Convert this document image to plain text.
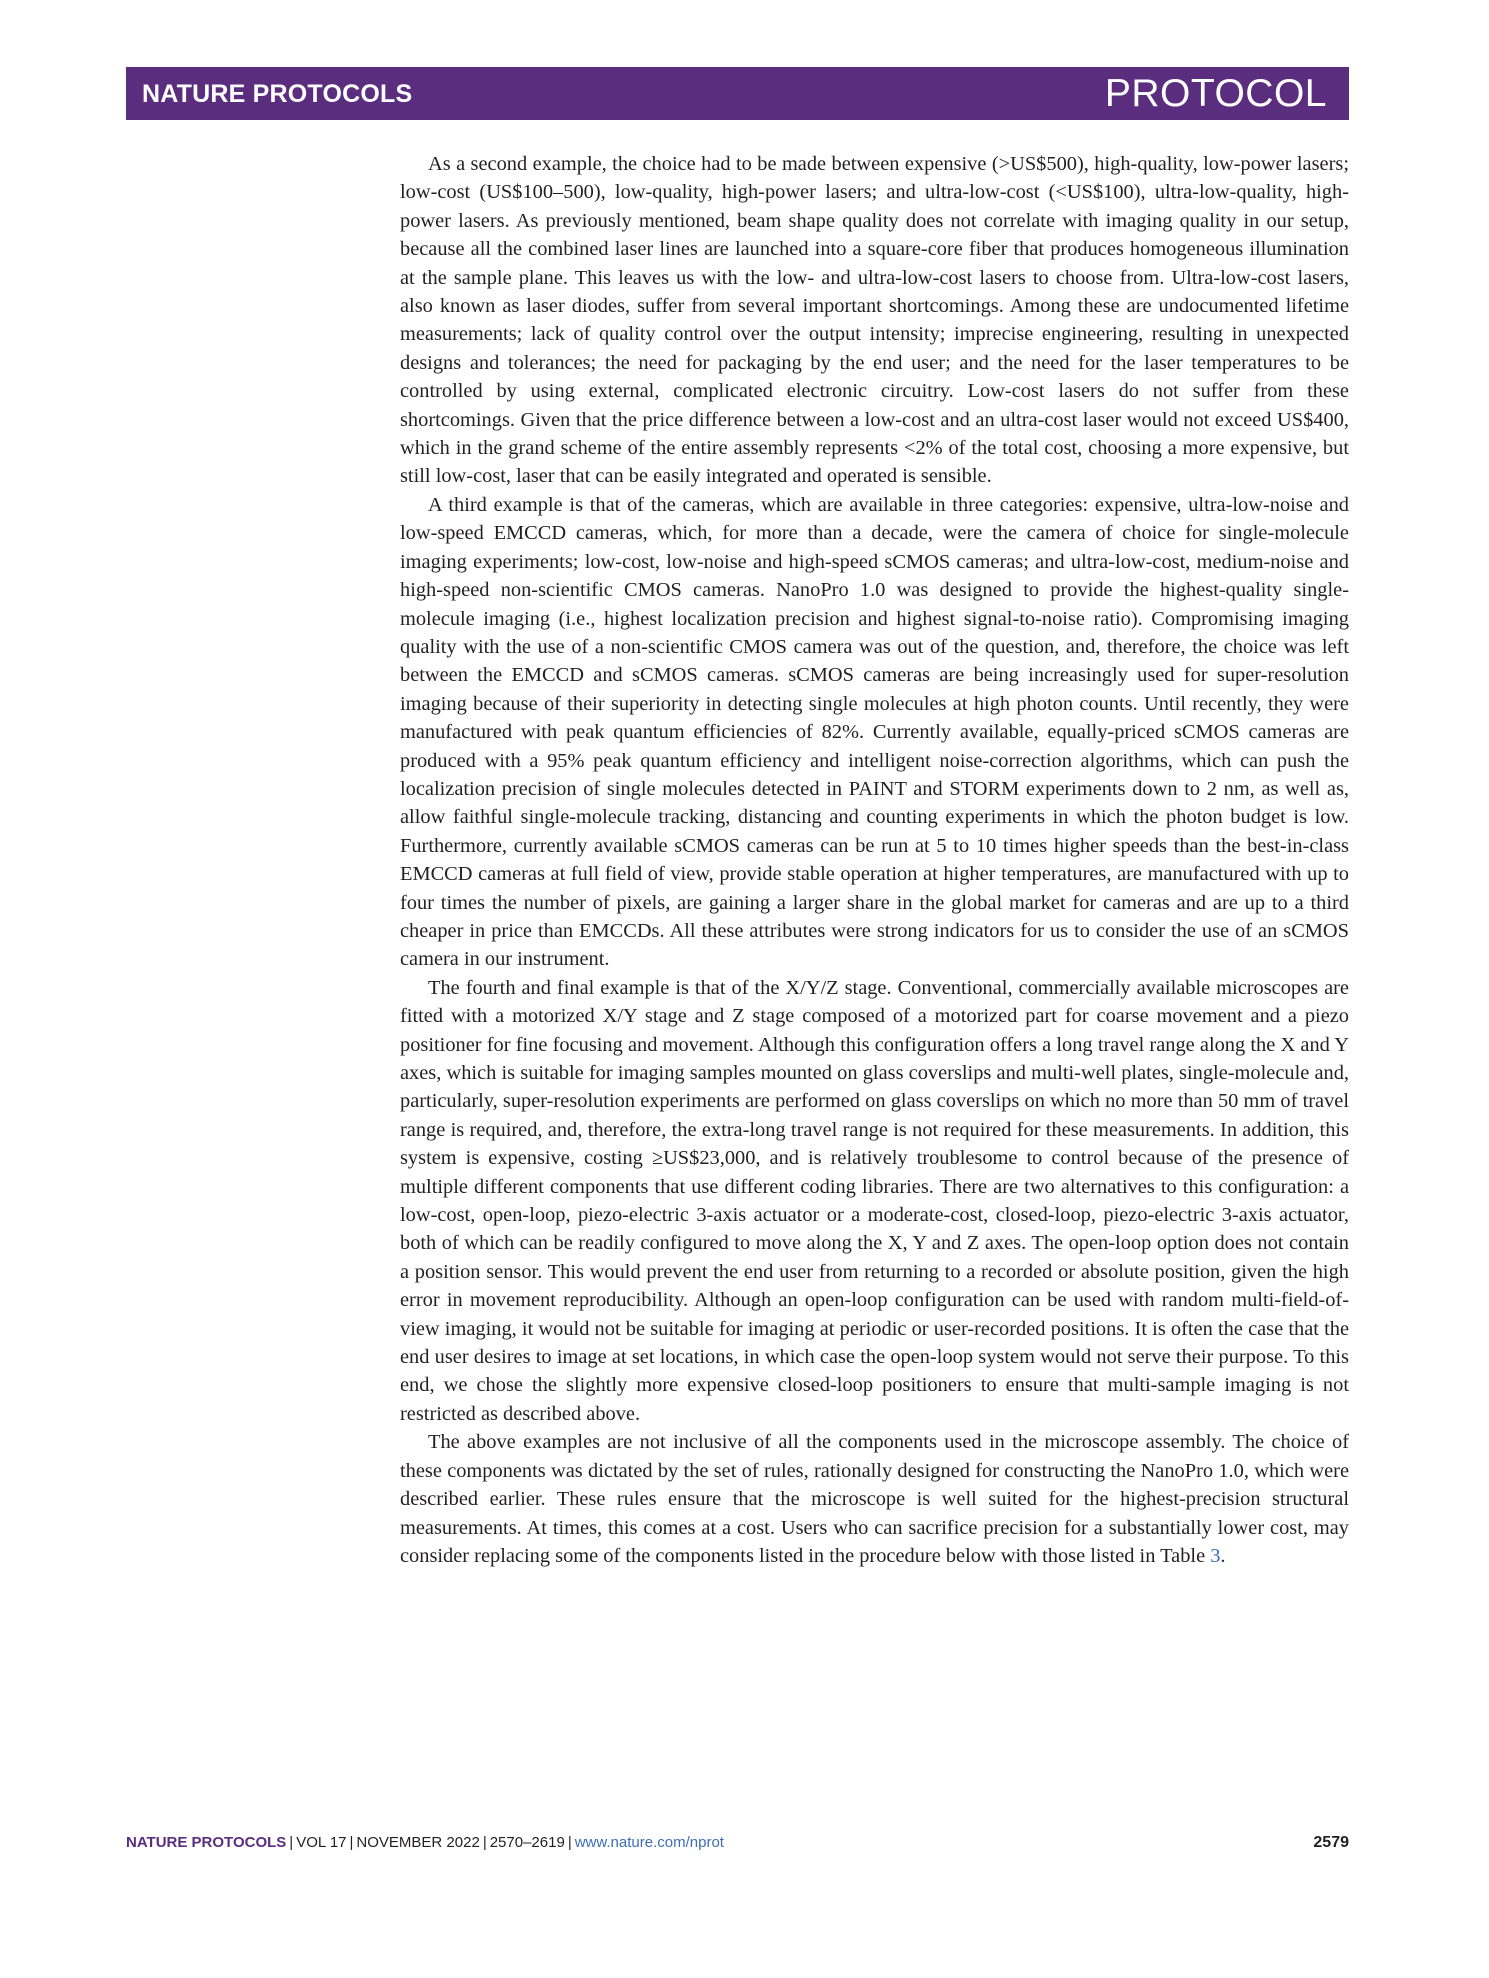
NATURE PROTOCOLS	PROTOCOL

As a second example, the choice had to be made between expensive (>US$500), high-quality, low-power lasers; low-cost (US$100–500), low-quality, high-power lasers; and ultra-low-cost (<US$100), ultra-low-quality, high-power lasers. As previously mentioned, beam shape quality does not correlate with imaging quality in our setup, because all the combined laser lines are launched into a square-core fiber that produces homogeneous illumination at the sample plane. This leaves us with the low- and ultra-low-cost lasers to choose from. Ultra-low-cost lasers, also known as laser diodes, suffer from several important shortcomings. Among these are undocumented lifetime measurements; lack of quality control over the output intensity; imprecise engineering, resulting in unexpected designs and tolerances; the need for packaging by the end user; and the need for the laser temperatures to be controlled by using external, complicated electronic circuitry. Low-cost lasers do not suffer from these shortcomings. Given that the price difference between a low-cost and an ultra-cost laser would not exceed US$400, which in the grand scheme of the entire assembly represents <2% of the total cost, choosing a more expensive, but still low-cost, laser that can be easily integrated and operated is sensible.

A third example is that of the cameras, which are available in three categories: expensive, ultra-low-noise and low-speed EMCCD cameras, which, for more than a decade, were the camera of choice for single-molecule imaging experiments; low-cost, low-noise and high-speed sCMOS cameras; and ultra-low-cost, medium-noise and high-speed non-scientific CMOS cameras. NanoPro 1.0 was designed to provide the highest-quality single-molecule imaging (i.e., highest localization precision and highest signal-to-noise ratio). Compromising imaging quality with the use of a non-scientific CMOS camera was out of the question, and, therefore, the choice was left between the EMCCD and sCMOS cameras. sCMOS cameras are being increasingly used for super-resolution imaging because of their superiority in detecting single molecules at high photon counts. Until recently, they were manufactured with peak quantum efficiencies of 82%. Currently available, equally-priced sCMOS cameras are produced with a 95% peak quantum efficiency and intelligent noise-correction algorithms, which can push the localization precision of single molecules detected in PAINT and STORM experiments down to 2 nm, as well as, allow faithful single-molecule tracking, distancing and counting experiments in which the photon budget is low. Furthermore, currently available sCMOS cameras can be run at 5 to 10 times higher speeds than the best-in-class EMCCD cameras at full field of view, provide stable operation at higher temperatures, are manufactured with up to four times the number of pixels, are gaining a larger share in the global market for cameras and are up to a third cheaper in price than EMCCDs. All these attributes were strong indicators for us to consider the use of an sCMOS camera in our instrument.

The fourth and final example is that of the X/Y/Z stage. Conventional, commercially available microscopes are fitted with a motorized X/Y stage and Z stage composed of a motorized part for coarse movement and a piezo positioner for fine focusing and movement. Although this configuration offers a long travel range along the X and Y axes, which is suitable for imaging samples mounted on glass coverslips and multi-well plates, single-molecule and, particularly, super-resolution experiments are performed on glass coverslips on which no more than 50 mm of travel range is required, and, therefore, the extra-long travel range is not required for these measurements. In addition, this system is expensive, costing ≥US$23,000, and is relatively troublesome to control because of the presence of multiple different components that use different coding libraries. There are two alternatives to this configuration: a low-cost, open-loop, piezo-electric 3-axis actuator or a moderate-cost, closed-loop, piezo-electric 3-axis actuator, both of which can be readily configured to move along the X, Y and Z axes. The open-loop option does not contain a position sensor. This would prevent the end user from returning to a recorded or absolute position, given the high error in movement reproducibility. Although an open-loop configuration can be used with random multi-field-of-view imaging, it would not be suitable for imaging at periodic or user-recorded positions. It is often the case that the end user desires to image at set locations, in which case the open-loop system would not serve their purpose. To this end, we chose the slightly more expensive closed-loop positioners to ensure that multi-sample imaging is not restricted as described above.

The above examples are not inclusive of all the components used in the microscope assembly. The choice of these components was dictated by the set of rules, rationally designed for constructing the NanoPro 1.0, which were described earlier. These rules ensure that the microscope is well suited for the highest-precision structural measurements. At times, this comes at a cost. Users who can sacrifice precision for a substantially lower cost, may consider replacing some of the components listed in the procedure below with those listed in Table 3.

NATURE PROTOCOLS | VOL 17 | NOVEMBER 2022 | 2570–2619 | www.nature.com/nprot	2579
